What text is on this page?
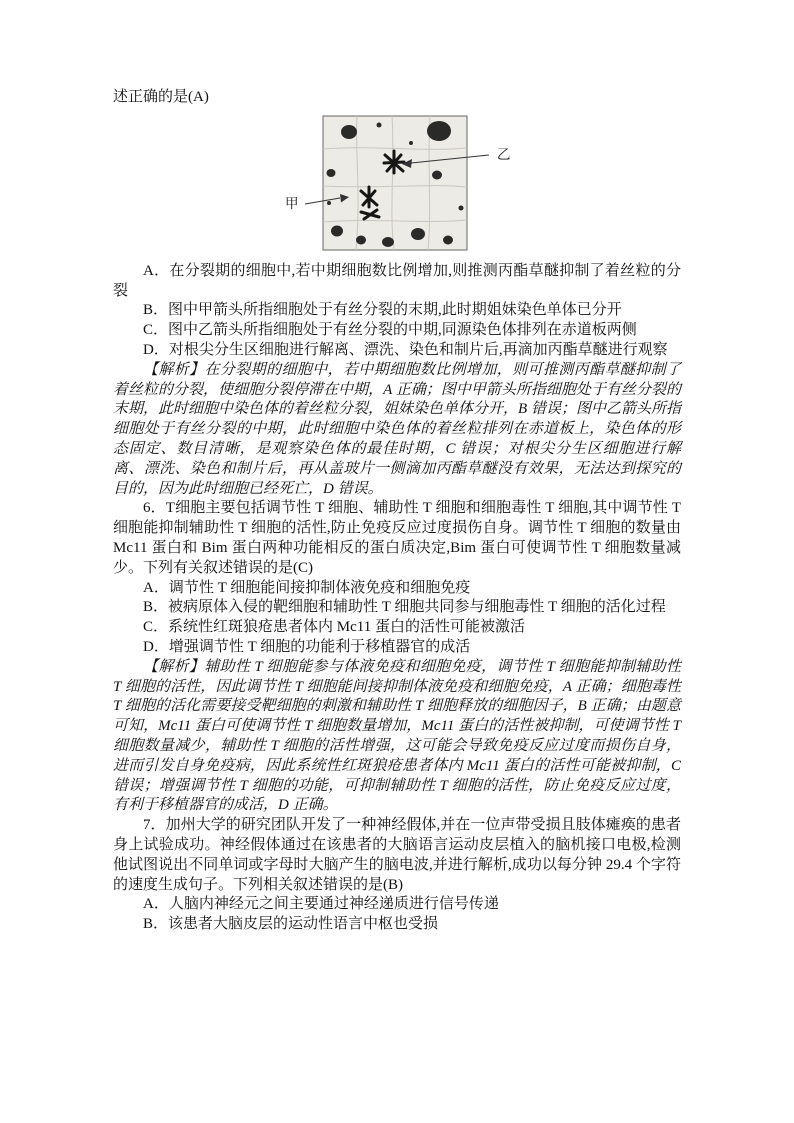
述正确的是(A)

甲
乙

A．在分裂期的细胞中,若中期细胞数比例增加,则推测丙酯草醚抑制了着丝粒的分裂

B．图中甲箭头所指细胞处于有丝分裂的末期,此时期姐妹染色单体已分开

C．图中乙箭头所指细胞处于有丝分裂的中期,同源染色体排列在赤道板两侧

D．对根尖分生区细胞进行解离、漂洗、染色和制片后,再滴加丙酯草醚进行观察

【解析】在分裂期的细胞中，若中期细胞数比例增加，则可推测丙酯草醚抑制了着丝粒的分裂，使细胞分裂停滞在中期，A 正确；图中甲箭头所指细胞处于有丝分裂的末期，此时细胞中染色体的着丝粒分裂，姐妹染色单体分开，B 错误；图中乙箭头所指细胞处于有丝分裂的中期，此时细胞中染色体的着丝粒排列在赤道板上，染色体的形态固定、数目清晰，是观察染色体的最佳时期，C 错误；对根尖分生区细胞进行解离、漂洗、染色和制片后，再从盖玻片一侧滴加丙酯草醚没有效果，无法达到探究的目的，因为此时细胞已经死亡，D 错误。

6．T细胞主要包括调节性 T 细胞、辅助性 T 细胞和细胞毒性 T 细胞,其中调节性 T 细胞能抑制辅助性 T 细胞的活性,防止免疫反应过度损伤自身。调节性 T 细胞的数量由 Mc11 蛋白和 Bim 蛋白两种功能相反的蛋白质决定,Bim 蛋白可使调节性 T 细胞数量减少。下列有关叙述错误的是(C)

A．调节性 T 细胞能间接抑制体液免疫和细胞免疫

B．被病原体入侵的靶细胞和辅助性 T 细胞共同参与细胞毒性 T 细胞的活化过程

C．系统性红斑狼疮患者体内 Mc11 蛋白的活性可能被激活

D．增强调节性 T 细胞的功能利于移植器官的成活

【解析】辅助性 T 细胞能参与体液免疫和细胞免疫，调节性 T 细胞能抑制辅助性 T 细胞的活性，因此调节性 T 细胞能间接抑制体液免疫和细胞免疫，A 正确；细胞毒性 T 细胞的活化需要接受靶细胞的刺激和辅助性 T 细胞释放的细胞因子，B 正确；由题意可知，Mc11 蛋白可使调节性 T 细胞数量增加，Mc11 蛋白的活性被抑制，可使调节性 T 细胞数量减少，辅助性 T 细胞的活性增强，这可能会导致免疫反应过度而损伤自身，进而引发自身免疫病，因此系统性红斑狼疮患者体内 Mc11 蛋白的活性可能被抑制，C 错误；增强调节性 T 细胞的功能，可抑制辅助性 T 细胞的活性，防止免疫反应过度，有利于移植器官的成活，D 正确。

7．加州大学的研究团队开发了一种神经假体,并在一位声带受损且肢体瘫痪的患者身上试验成功。神经假体通过在该患者的大脑语言运动皮层植入的脑机接口电极,检测他试图说出不同单词或字母时大脑产生的脑电波,并进行解析,成功以每分钟 29.4 个字符的速度生成句子。下列相关叙述错误的是(B)

A．人脑内神经元之间主要通过神经递质进行信号传递

B．该患者大脑皮层的运动性语言中枢也受损
